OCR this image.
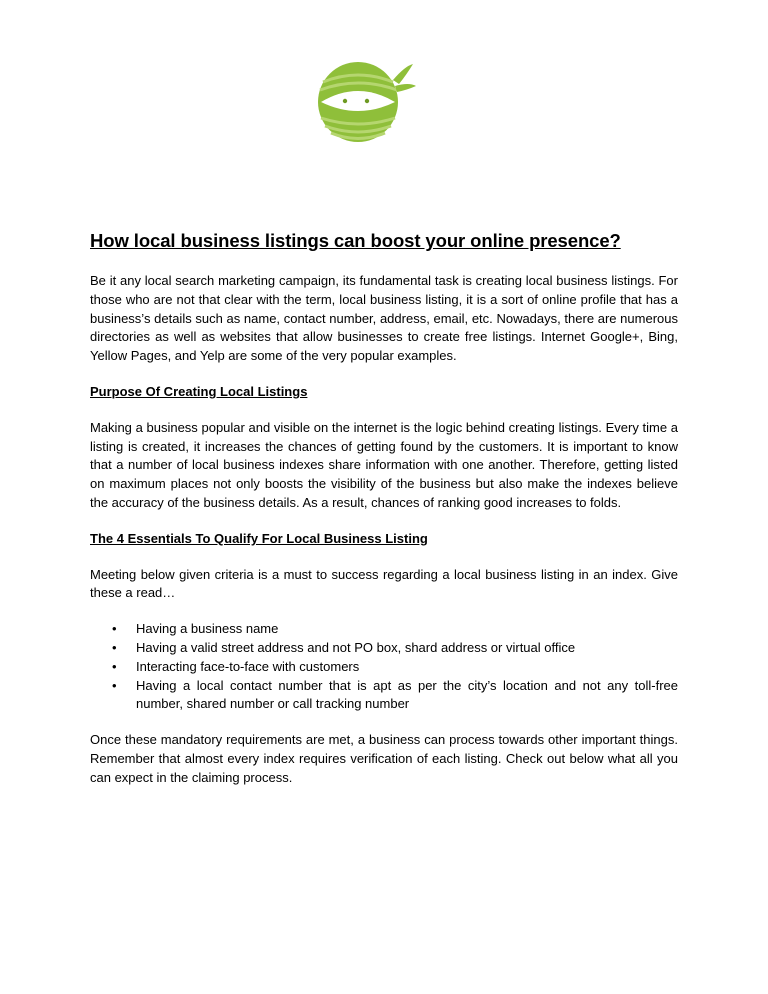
How local business listings can boost your online presence?

Be it any local search marketing campaign, its fundamental task is creating local business listings. For those who are not that clear with the term, local business listing, it is a sort of online profile that has a business’s details such as name, contact number, address, email, etc. Nowadays, there are numerous directories as well as websites that allow businesses to create free listings. Internet Google+, Bing, Yellow Pages, and Yelp are some of the very popular examples.

Purpose Of Creating Local Listings

Making a business popular and visible on the internet is the logic behind creating listings. Every time a listing is created, it increases the chances of getting found by the customers. It is important to know that a number of local business indexes share information with one another. Therefore, getting listed on maximum places not only boosts the visibility of the business but also make the indexes believe the accuracy of the business details. As a result, chances of ranking good increases to folds.

The 4 Essentials To Qualify For Local Business Listing

Meeting below given criteria is a must to success regarding a local business listing in an index. Give these a read…

• Having a business name
• Having a valid street address and not PO box, shard address or virtual office
• Interacting face-to-face with customers
• Having a local contact number that is apt as per the city’s location and not any toll-free number, shared number or call tracking number

Once these mandatory requirements are met, a business can process towards other important things. Remember that almost every index requires verification of each listing. Check out below what all you can expect in the claiming process.
